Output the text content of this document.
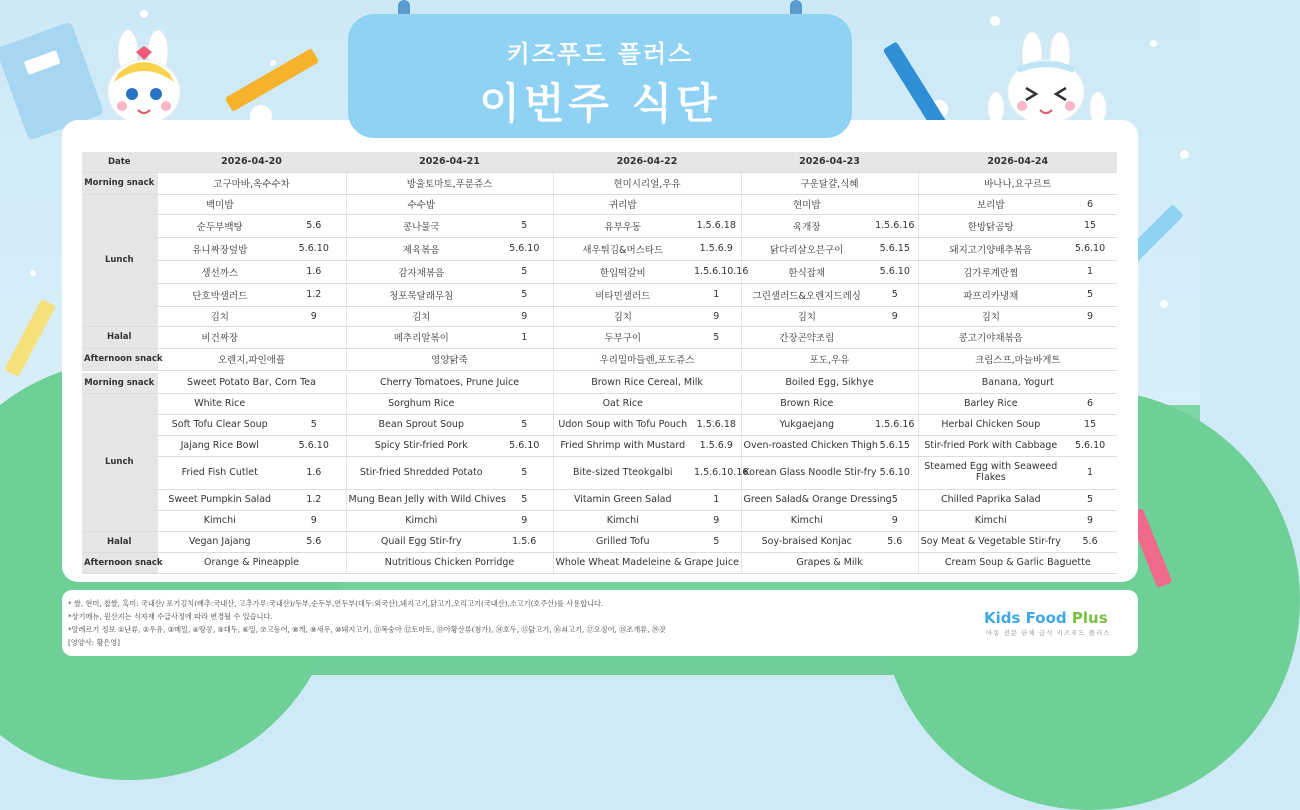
키즈푸드 플러스
이번주 식단
Date	2026-04-20		2026-04-21		2026-04-22		2026-04-23		2026-04-24	
Morning snack	고구마바,옥수수차		방울토마토,푸룬쥬스		현미시리얼,우유		구운달걀,식혜		바나나,요구르트	
Lunch	백미밥		수수밥		귀리밥		현미밥		보리밥	6
	순두부백탕	5.6	콩나물국	5	유부우동	1.5.6.18	육개장	1.5.6.16	한방닭곰탕	15
	유니짜장덮밥	5.6.10	제육볶음	5.6.10	새우튀김&머스타드	1.5.6.9	닭다리살오븐구이	5.6.15	돼지고기양배추볶음	5.6.10
	생선까스	1.6	감자채볶음	5	한입떡갈비	1.5.6.10.16	한식잡채	5.6.10	김가루계란찜	1
	단호박샐러드	1.2	청포묵달래무침	5	비타민샐러드	1	그린샐러드&오렌지드레싱	5	파프리카냉채	5
	김치	9	김치	9	김치	9	김치	9	김치	9
Halal	비건짜장		메추리알볶이	1	두부구이	5	간장곤약조림		콩고기야채볶음	
Afternoon snack	오렌지,파인애플		영양닭죽		우리밀마들렌,포도쥬스		포도,우유		크림스프,마늘바게트	
Morning snack	Sweet Potato Bar, Corn Tea		Cherry Tomatoes, Prune Juice		Brown Rice Cereal, Milk		Boiled Egg, Sikhye		Banana, Yogurt	
Lunch	White Rice		Sorghum Rice		Oat Rice		Brown Rice		Barley Rice	6
	Soft Tofu Clear Soup	5	Bean Sprout Soup	5	Udon Soup with Tofu Pouch	1.5.6.18	Yukgaejang	1.5.6.16	Herbal Chicken Soup	15
	Jajang Rice Bowl	5.6.10	Spicy Stir-fried Pork	5.6.10	Fried Shrimp with Mustard	1.5.6.9	Oven-roasted Chicken Thigh	5.6.15	Stir-fried Pork with Cabbage	5.6.10
	Fried Fish Cutlet	1.6	Stir-fried Shredded Potato	5	Bite-sized Tteokgalbi	1.5.6.10.16	Korean Glass Noodle Stir-fry	5.6.10	Steamed Egg with Seaweed Flakes	1
	Sweet Pumpkin Salad	1.2	Mung Bean Jelly with Wild Chives	5	Vitamin Green Salad	1	Green Salad& Orange Dressing	5	Chilled Paprika Salad	5
	Kimchi	9	Kimchi	9	Kimchi	9	Kimchi	9	Kimchi	9
Halal	Vegan Jajang	5.6	Quail Egg Stir-fry	1.5.6	Grilled Tofu	5	Soy-braised Konjac	5.6	Soy Meat & Vegetable Stir-fry	5.6
Afternoon snack	Orange & Pineapple		Nutritious Chicken Porridge		Whole Wheat Madeleine & Grape Juice		Grapes & Milk		Cream Soup & Garlic Baguette	
* 쌀, 현미, 찹쌀, 흑미: 국내산/ 포기김치(배추:국내산, 고추가루:국내산)/두부,순두부,연두부(대두:외국산),돼지고기,닭고기,오리고기(국내산),소고기(호주산)를 사용합니다.
*상기메뉴, 원산지는 식자재 수급사정에 따라 변경될 수 있습니다.
*알레르기 정보 ①난류, ②우유, ③메밀, ④땅콩, ⑤대두, ⑥밀, ⑦고등어, ⑧게, ⑨새우, ⑩돼지고기, ⑪복숭아 ⑫토마토, ⑬아황산류(첨가), ⑭호두, ⑮닭고기, ⑯쇠고기, ⑰오징어, ⑱조개류, ⑲잣
[영양사: 황은영]
Kids Food Plus
아동 전문 단체 급식 키즈푸드 플러스
